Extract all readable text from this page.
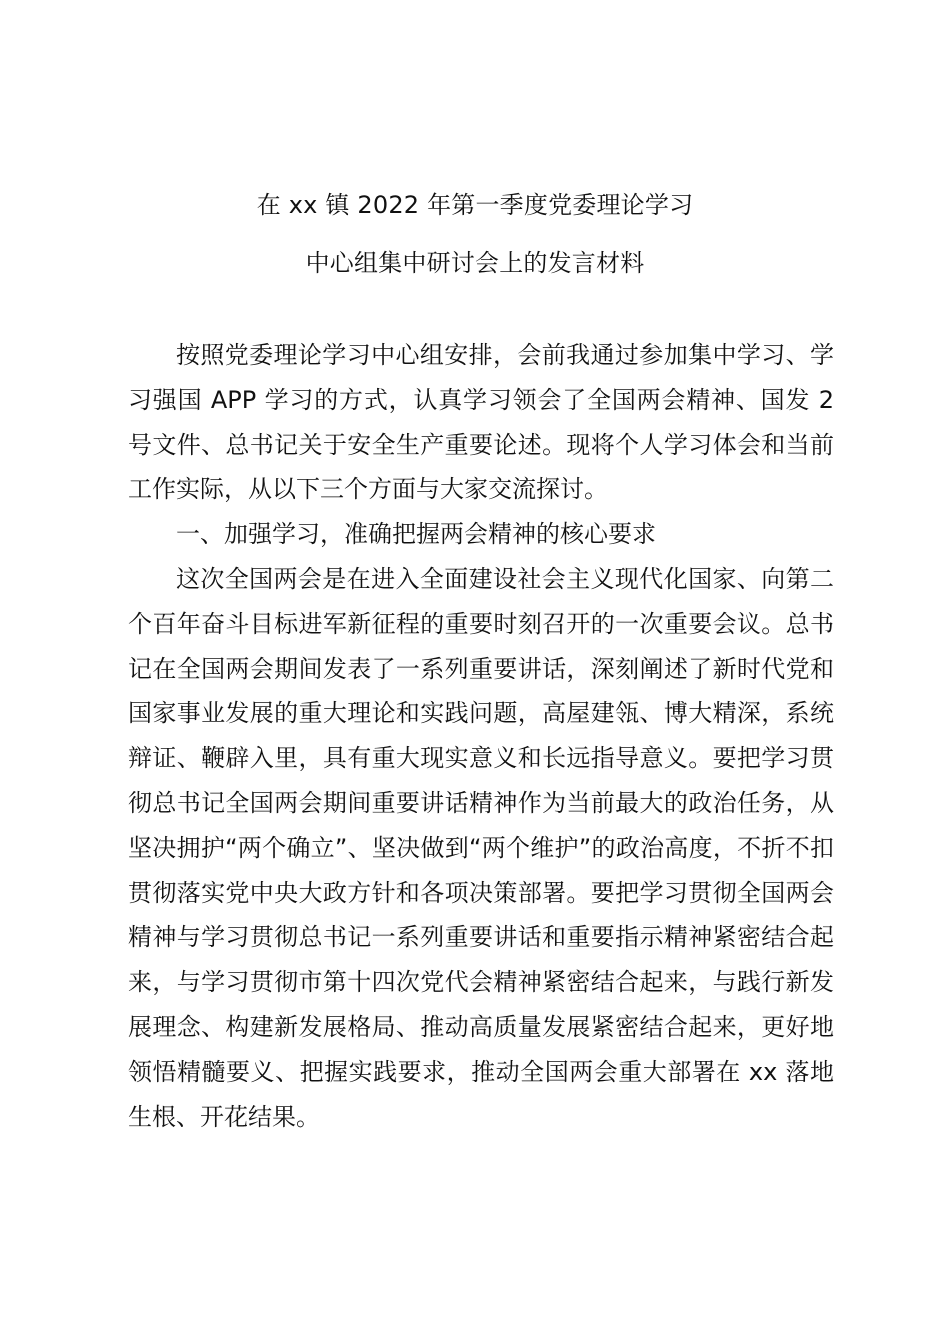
在 xx 镇 2022 年第一季度党委理论学习
中心组集中研讨会上的发言材料

按照党委理论学习中心组安排，会前我通过参加集中学习、学习强国 APP 学习的方式，认真学习领会了全国两会精神、国发 2 号文件、总书记关于安全生产重要论述。现将个人学习体会和当前工作实际，从以下三个方面与大家交流探讨。

一、加强学习，准确把握两会精神的核心要求

这次全国两会是在进入全面建设社会主义现代化国家、向第二个百年奋斗目标进军新征程的重要时刻召开的一次重要会议。总书记在全国两会期间发表了一系列重要讲话，深刻阐述了新时代党和国家事业发展的重大理论和实践问题，高屋建瓴、博大精深，系统辩证、鞭辟入里，具有重大现实意义和长远指导意义。要把学习贯彻总书记全国两会期间重要讲话精神作为当前最大的政治任务，从坚决拥护“两个确立”、坚决做到“两个维护”的政治高度，不折不扣贯彻落实党中央大政方针和各项决策部署。要把学习贯彻全国两会精神与学习贯彻总书记一系列重要讲话和重要指示精神紧密结合起来，与学习贯彻市第十四次党代会精神紧密结合起来，与践行新发展理念、构建新发展格局、推动高质量发展紧密结合起来，更好地领悟精髓要义、把握实践要求，推动全国两会重大部署在 xx 落地生根、开花结果。
